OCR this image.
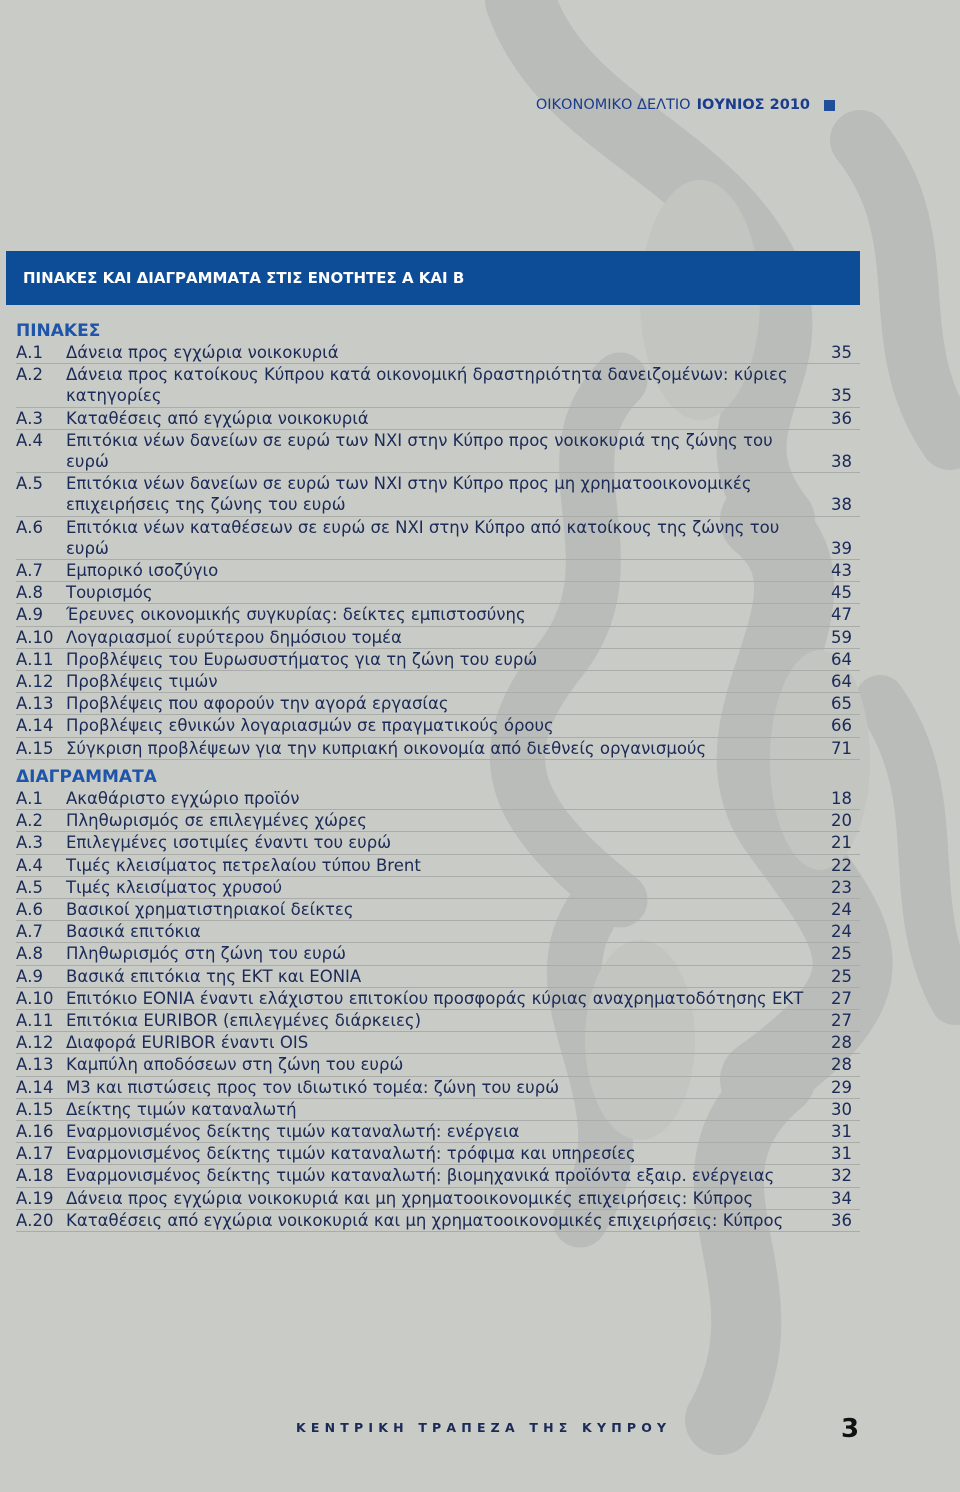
ΟΙΚΟΝΟΜΙΚΟ ΔΕΛΤΙΟ ΙΟΥΝΙΟΣ 2010
ΠΙΝΑΚΕΣ ΚΑΙ ΔΙΑΓΡΑΜΜΑΤΑ ΣΤΙΣ ΕΝΟΤΗΤΕΣ Α ΚΑΙ Β
ΠΙΝΑΚΕΣ
Α.1 Δάνεια προς εγχώρια νοικοκυριά	35
Α.2 Δάνεια προς κατοίκους Κύπρου κατά οικονομική δραστηριότητα δανειζομένων: κύριες κατηγορίες	35
Α.3 Καταθέσεις από εγχώρια νοικοκυριά	36
Α.4 Επιτόκια νέων δανείων σε ευρώ των ΝΧΙ στην Κύπρο προς νοικοκυριά της ζώνης του ευρώ	38
Α.5 Επιτόκια νέων δανείων σε ευρώ των ΝΧΙ στην Κύπρο προς μη χρηματοοικονομικές επιχειρήσεις της ζώνης του ευρώ	38
Α.6 Επιτόκια νέων καταθέσεων σε ευρώ σε ΝΧΙ στην Κύπρο από κατοίκους της ζώνης του ευρώ	39
Α.7 Εμπορικό ισοζύγιο	43
Α.8 Τουρισμός	45
Α.9 Έρευνες οικονομικής συγκυρίας: δείκτες εμπιστοσύνης	47
Α.10 Λογαριασμοί ευρύτερου δημόσιου τομέα	59
Α.11 Προβλέψεις του Ευρωσυστήματος για τη ζώνη του ευρώ	64
Α.12 Προβλέψεις τιμών	64
Α.13 Προβλέψεις που αφορούν την αγορά εργασίας	65
Α.14 Προβλέψεις εθνικών λογαριασμών σε πραγματικούς όρους	66
Α.15 Σύγκριση προβλέψεων για την κυπριακή οικονομία από διεθνείς οργανισμούς	71
ΔΙΑΓΡΑΜΜΑΤΑ
Α.1 Ακαθάριστο εγχώριο προϊόν	18
Α.2 Πληθωρισμός σε επιλεγμένες χώρες	20
Α.3 Επιλεγμένες ισοτιμίες έναντι του ευρώ	21
Α.4 Τιμές κλεισίματος πετρελαίου τύπου Brent	22
Α.5 Τιμές κλεισίματος χρυσού	23
Α.6 Βασικοί χρηματιστηριακοί δείκτες	24
Α.7 Βασικά επιτόκια	24
Α.8 Πληθωρισμός στη ζώνη του ευρώ	25
Α.9 Βασικά επιτόκια της ΕΚΤ και EONIA	25
Α.10 Επιτόκιο EONIA έναντι ελάχιστου επιτοκίου προσφοράς κύριας αναχρηματοδότησης ΕΚΤ	27
Α.11 Επιτόκια EURIBOR (επιλεγμένες διάρκειες)	27
Α.12 Διαφορά EURIBOR έναντι OIS	28
Α.13 Καμπύλη αποδόσεων στη ζώνη του ευρώ	28
Α.14 Μ3 και πιστώσεις προς τον ιδιωτικό τομέα: ζώνη του ευρώ	29
Α.15 Δείκτης τιμών καταναλωτή	30
Α.16 Εναρμονισμένος δείκτης τιμών καταναλωτή: ενέργεια	31
Α.17 Εναρμονισμένος δείκτης τιμών καταναλωτή: τρόφιμα και υπηρεσίες	31
Α.18 Εναρμονισμένος δείκτης τιμών καταναλωτή: βιομηχανικά προϊόντα εξαιρ. ενέργειας	32
Α.19 Δάνεια προς εγχώρια νοικοκυριά και μη χρηματοοικονομικές επιχειρήσεις: Κύπρος	34
Α.20 Καταθέσεις από εγχώρια νοικοκυριά και μη χρηματοοικονομικές επιχειρήσεις: Κύπρος	36
ΚΕΝΤΡΙΚΗ ΤΡΑΠΕΖΑ ΤΗΣ ΚΥΠΡΟΥ	3
